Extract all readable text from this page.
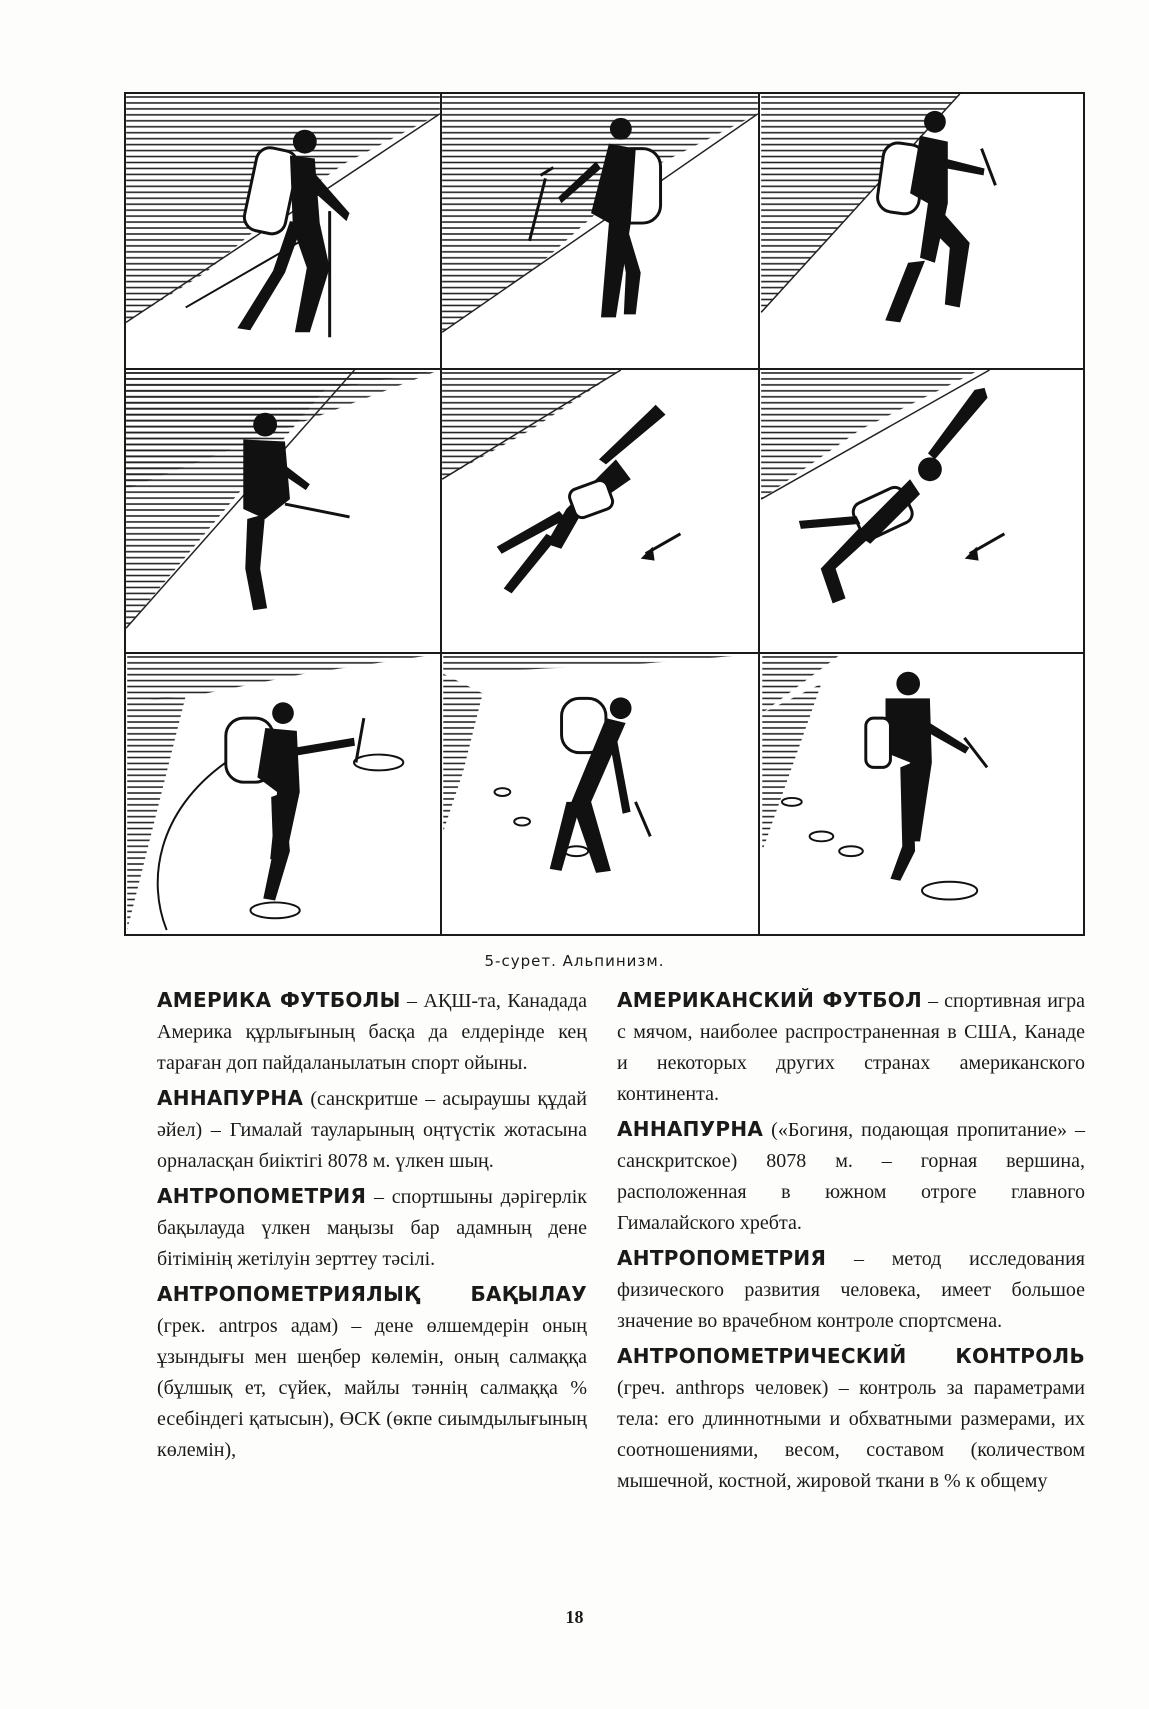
5-сурет. Альпинизм.

АМЕРИКА ФУТБОЛЫ – АҚШ-та, Канадада Америка құрлығының басқа да елдерінде кең тараған доп пайдаланылатын спорт ойыны.

АННАПУРНА (санскритше – асыраушы құдай әйел) – Гималай тауларының оңтүстік жотасына орналасқан биіктігі 8078 м. үлкен шың.

АНТРОПОМЕТРИЯ – спортшыны дәрігерлік бақылауда үлкен маңызы бар адамның дене бітімінің жетілуін зерттеу тәсілі.

АНТРОПОМЕТРИЯЛЫҚ БАҚЫЛАУ (грек. antrpos адам) – дене өлшемдерін оның ұзындығы мен шеңбер көлемін, оның салмаққа (бұлшық ет, сүйек, майлы тәннің салмаққа % есебіндегі қатысын), ӨСК (өкпе сиымдылығының көлемін),

АМЕРИКАНСКИЙ ФУТБОЛ – спортивная игра с мячом, наиболее распространенная в США, Канаде и некоторых других странах американского континента.

АННАПУРНА («Богиня, подающая пропитание» – санскритское) 8078 м. – горная вершина, расположенная в южном отроге главного Гималайского хребта.

АНТРОПОМЕТРИЯ – метод исследования физического развития человека, имеет большое значение во врачебном контроле спортсмена.

АНТРОПОМЕТРИЧЕСКИЙ КОНТРОЛЬ (греч. anthrops человек) – контроль за параметрами тела: его длиннотными и обхватными размерами, их соотношениями, весом, составом (количеством мышечной, костной, жировой ткани в % к общему

18
